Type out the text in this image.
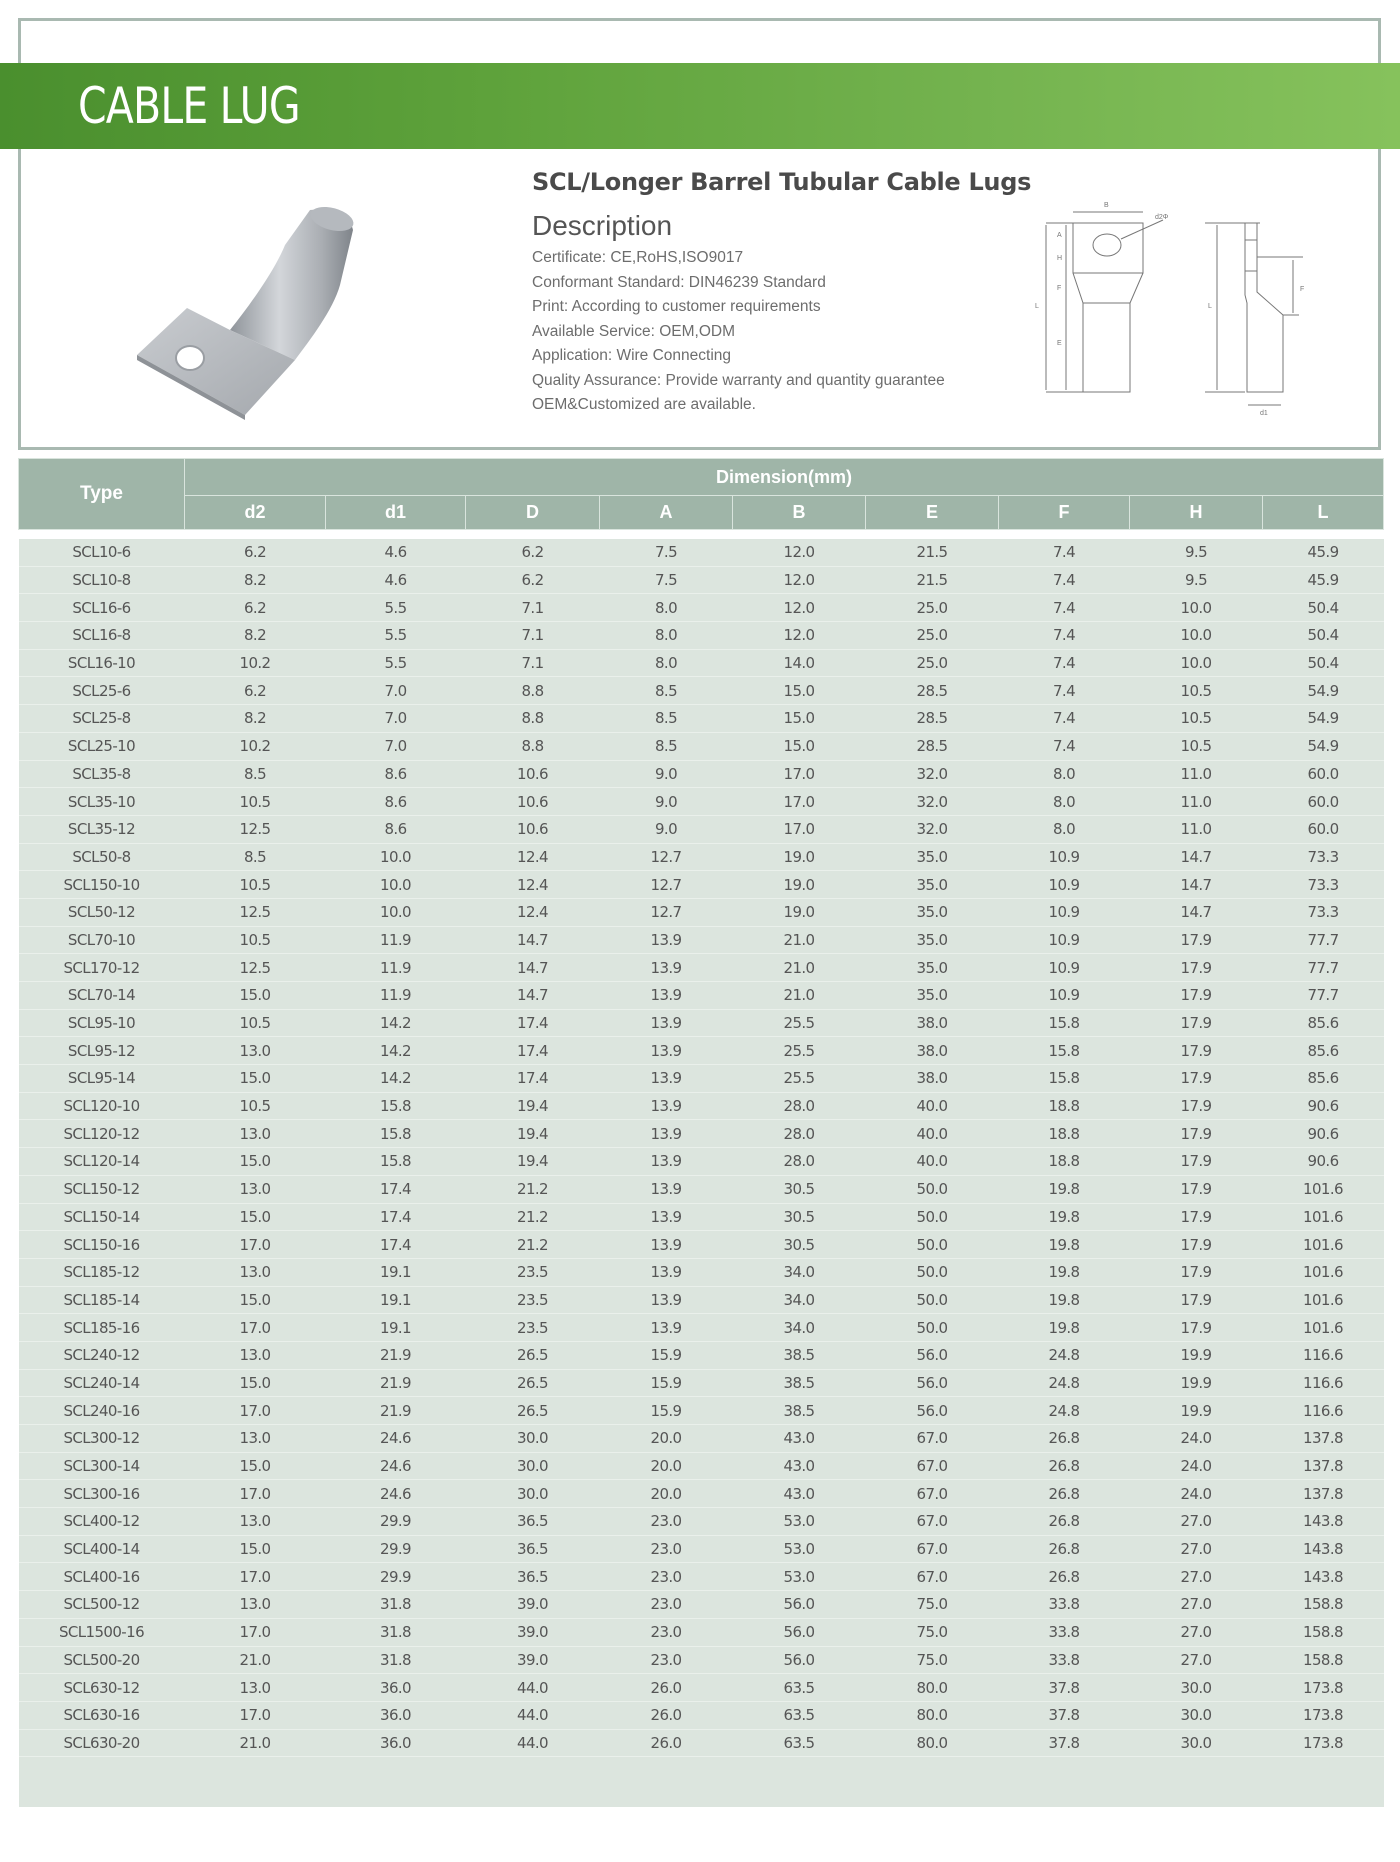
CABLE LUG
SCL/Longer Barrel Tubular Cable Lugs
Description
Certificate: CE,RoHS,ISO9017
Conformant Standard: DIN46239 Standard
Print: According to customer requirements
Available Service: OEM,ODM
Application: Wire Connecting
Quality Assurance: Provide warranty and quantity guarantee
OEM&Customized are available.
B
d2Φ
A
H
F
E
L	L
F
d1
Type	Dimension(mm)								
	d2	d1	D	A	B	E	F	H	L

SCL10-6	6.2	4.6	6.2	7.5	12.0	21.5	7.4	9.5	45.9
SCL10-8	8.2	4.6	6.2	7.5	12.0	21.5	7.4	9.5	45.9
SCL16-6	6.2	5.5	7.1	8.0	12.0	25.0	7.4	10.0	50.4
SCL16-8	8.2	5.5	7.1	8.0	12.0	25.0	7.4	10.0	50.4
SCL16-10	10.2	5.5	7.1	8.0	14.0	25.0	7.4	10.0	50.4
SCL25-6	6.2	7.0	8.8	8.5	15.0	28.5	7.4	10.5	54.9
SCL25-8	8.2	7.0	8.8	8.5	15.0	28.5	7.4	10.5	54.9
SCL25-10	10.2	7.0	8.8	8.5	15.0	28.5	7.4	10.5	54.9
SCL35-8	8.5	8.6	10.6	9.0	17.0	32.0	8.0	11.0	60.0
SCL35-10	10.5	8.6	10.6	9.0	17.0	32.0	8.0	11.0	60.0
SCL35-12	12.5	8.6	10.6	9.0	17.0	32.0	8.0	11.0	60.0
SCL50-8	8.5	10.0	12.4	12.7	19.0	35.0	10.9	14.7	73.3
SCL150-10	10.5	10.0	12.4	12.7	19.0	35.0	10.9	14.7	73.3
SCL50-12	12.5	10.0	12.4	12.7	19.0	35.0	10.9	14.7	73.3
SCL70-10	10.5	11.9	14.7	13.9	21.0	35.0	10.9	17.9	77.7
SCL170-12	12.5	11.9	14.7	13.9	21.0	35.0	10.9	17.9	77.7
SCL70-14	15.0	11.9	14.7	13.9	21.0	35.0	10.9	17.9	77.7
SCL95-10	10.5	14.2	17.4	13.9	25.5	38.0	15.8	17.9	85.6
SCL95-12	13.0	14.2	17.4	13.9	25.5	38.0	15.8	17.9	85.6
SCL95-14	15.0	14.2	17.4	13.9	25.5	38.0	15.8	17.9	85.6
SCL120-10	10.5	15.8	19.4	13.9	28.0	40.0	18.8	17.9	90.6
SCL120-12	13.0	15.8	19.4	13.9	28.0	40.0	18.8	17.9	90.6
SCL120-14	15.0	15.8	19.4	13.9	28.0	40.0	18.8	17.9	90.6
SCL150-12	13.0	17.4	21.2	13.9	30.5	50.0	19.8	17.9	101.6
SCL150-14	15.0	17.4	21.2	13.9	30.5	50.0	19.8	17.9	101.6
SCL150-16	17.0	17.4	21.2	13.9	30.5	50.0	19.8	17.9	101.6
SCL185-12	13.0	19.1	23.5	13.9	34.0	50.0	19.8	17.9	101.6
SCL185-14	15.0	19.1	23.5	13.9	34.0	50.0	19.8	17.9	101.6
SCL185-16	17.0	19.1	23.5	13.9	34.0	50.0	19.8	17.9	101.6
SCL240-12	13.0	21.9	26.5	15.9	38.5	56.0	24.8	19.9	116.6
SCL240-14	15.0	21.9	26.5	15.9	38.5	56.0	24.8	19.9	116.6
SCL240-16	17.0	21.9	26.5	15.9	38.5	56.0	24.8	19.9	116.6
SCL300-12	13.0	24.6	30.0	20.0	43.0	67.0	26.8	24.0	137.8
SCL300-14	15.0	24.6	30.0	20.0	43.0	67.0	26.8	24.0	137.8
SCL300-16	17.0	24.6	30.0	20.0	43.0	67.0	26.8	24.0	137.8
SCL400-12	13.0	29.9	36.5	23.0	53.0	67.0	26.8	27.0	143.8
SCL400-14	15.0	29.9	36.5	23.0	53.0	67.0	26.8	27.0	143.8
SCL400-16	17.0	29.9	36.5	23.0	53.0	67.0	26.8	27.0	143.8
SCL500-12	13.0	31.8	39.0	23.0	56.0	75.0	33.8	27.0	158.8
SCL1500-16	17.0	31.8	39.0	23.0	56.0	75.0	33.8	27.0	158.8
SCL500-20	21.0	31.8	39.0	23.0	56.0	75.0	33.8	27.0	158.8
SCL630-12	13.0	36.0	44.0	26.0	63.5	80.0	37.8	30.0	173.8
SCL630-16	17.0	36.0	44.0	26.0	63.5	80.0	37.8	30.0	173.8
SCL630-20	21.0	36.0	44.0	26.0	63.5	80.0	37.8	30.0	173.8
